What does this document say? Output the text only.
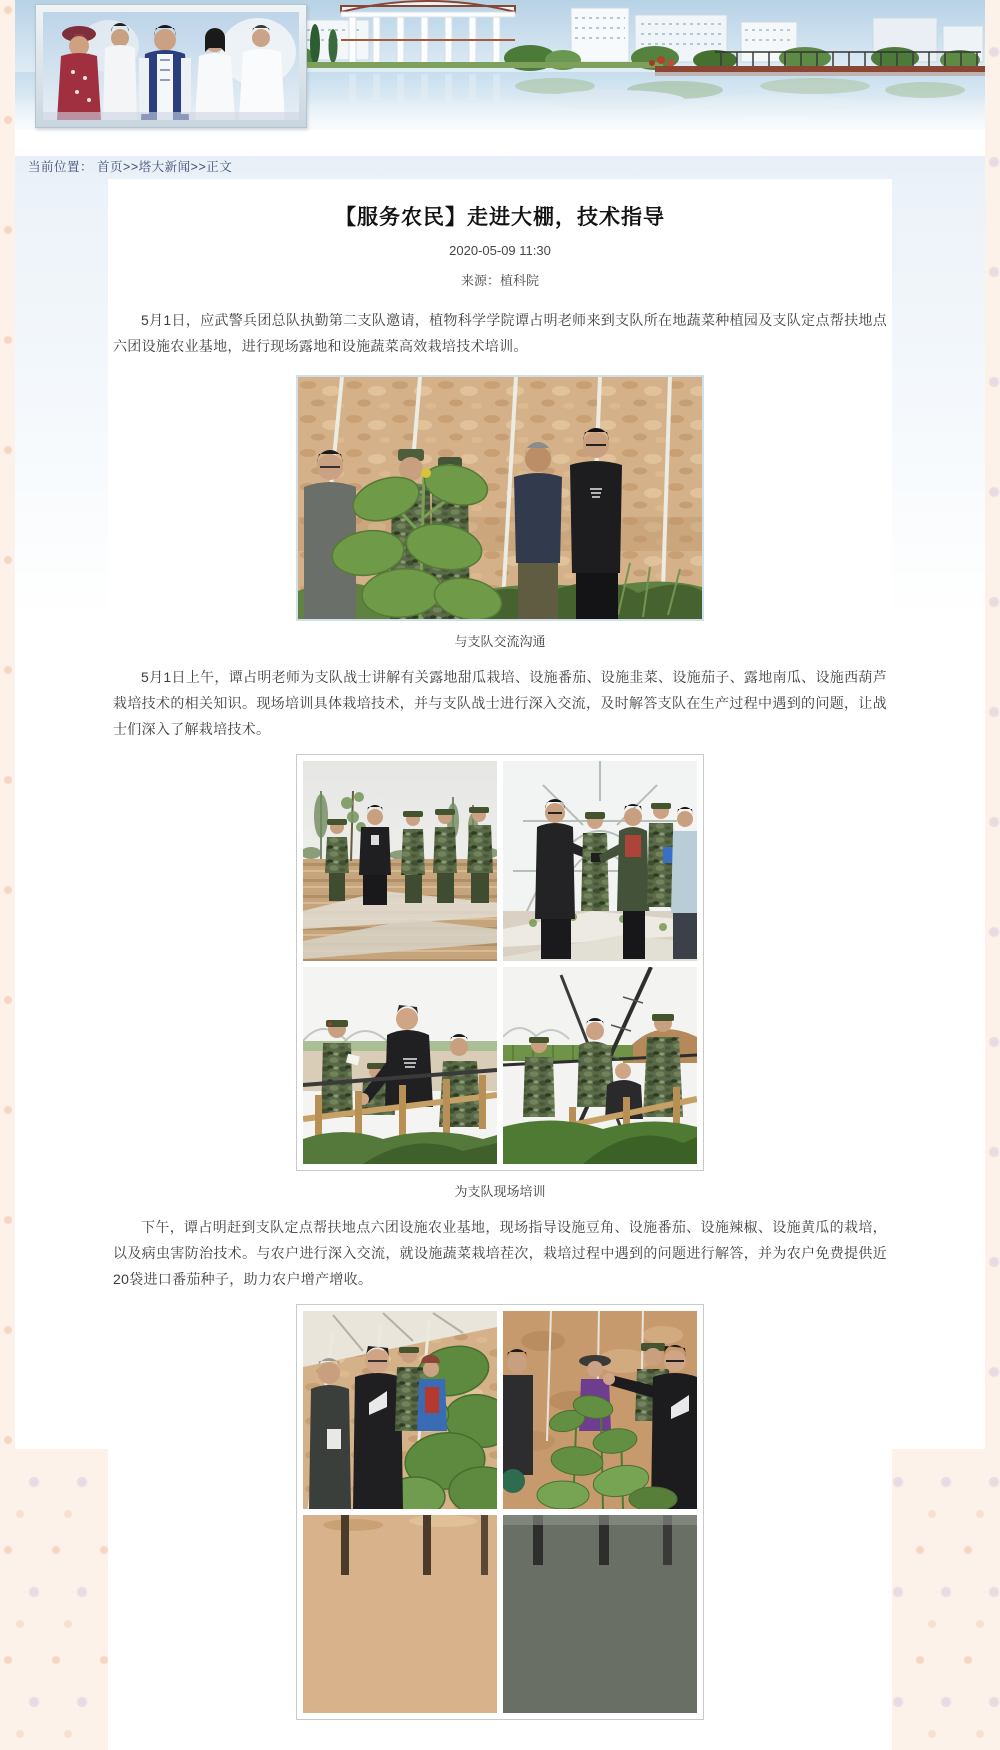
当前位置： 首页>>塔大新闻>>正文
【服务农民】走进大棚，技术指导
2020-05-09 11:30
来源：植科院

5月1日，应武警兵团总队执勤第二支队邀请，植物科学学院谭占明老师来到支队所在地蔬菜种植园及支队定点帮扶地点六团设施农业基地，进行现场露地和设施蔬菜高效栽培技术培训。

与支队交流沟通

5月1日上午，谭占明老师为支队战士讲解有关露地甜瓜栽培、设施番茄、设施韭菜、设施茄子、露地南瓜、设施西葫芦栽培技术的相关知识。现场培训具体栽培技术，并与支队战士进行深入交流，及时解答支队在生产过程中遇到的问题，让战士们深入了解栽培技术。

为支队现场培训

下午，谭占明赶到支队定点帮扶地点六团设施农业基地，现场指导设施豆角、设施番茄、设施辣椒、设施黄瓜的栽培，以及病虫害防治技术。与农户进行深入交流，就设施蔬菜栽培茬次，栽培过程中遇到的问题进行解答，并为农户免费提供近20袋进口番茄种子，助力农户增产增收。
